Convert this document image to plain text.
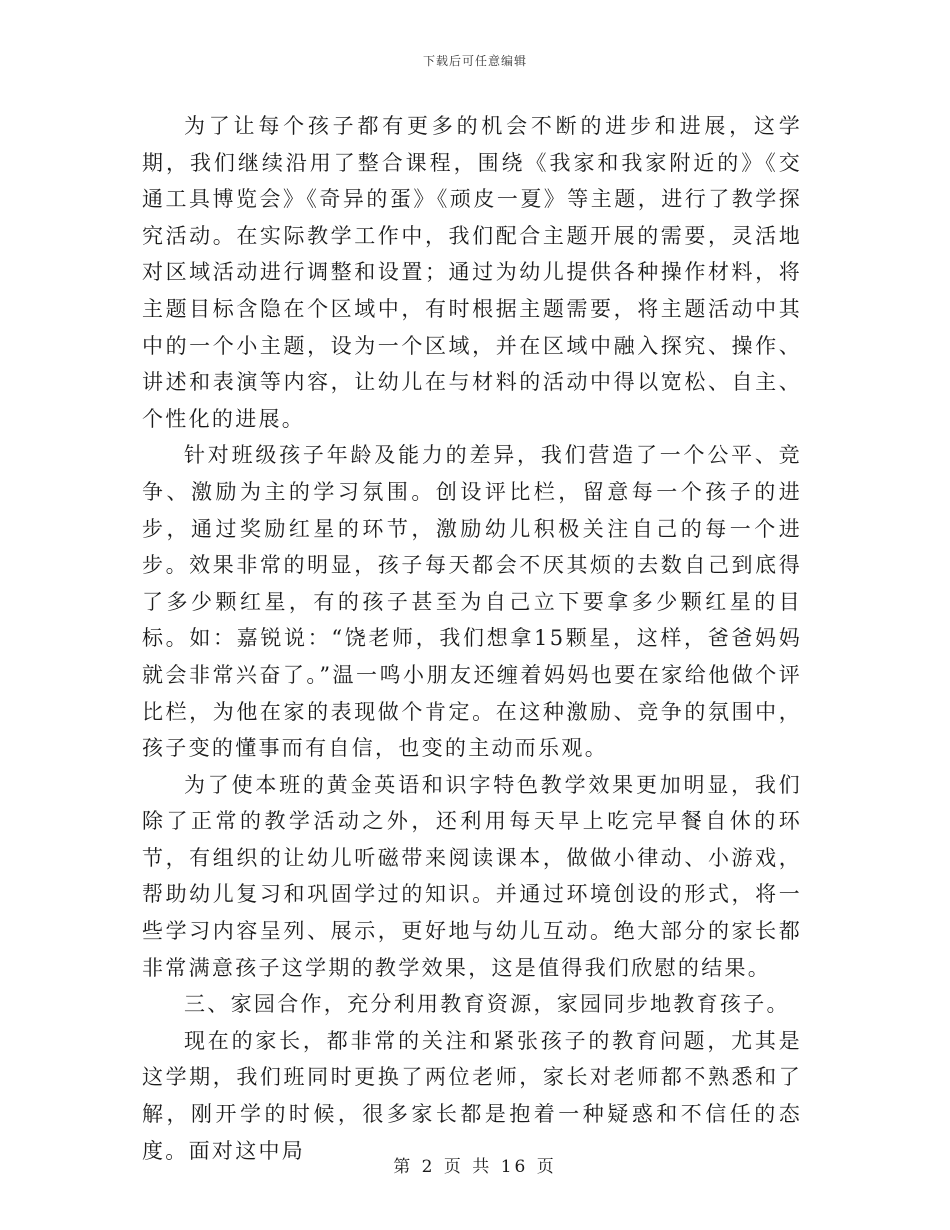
下载后可任意编辑

为了让每个孩子都有更多的机会不断的进步和进展，这学期，我们继续沿用了整合课程，围绕《我家和我家附近的》《交通工具博览会》《奇异的蛋》《顽皮一夏》等主题，进行了教学探究活动。在实际教学工作中，我们配合主题开展的需要，灵活地对区域活动进行调整和设置；通过为幼儿提供各种操作材料，将主题目标含隐在个区域中，有时根据主题需要，将主题活动中其中的一个小主题，设为一个区域，并在区域中融入探究、操作、讲述和表演等内容，让幼儿在与材料的活动中得以宽松、自主、个性化的进展。

针对班级孩子年龄及能力的差异，我们营造了一个公平、竞争、激励为主的学习氛围。创设评比栏，留意每一个孩子的进步，通过奖励红星的环节，激励幼儿积极关注自己的每一个进步。效果非常的明显，孩子每天都会不厌其烦的去数自己到底得了多少颗红星，有的孩子甚至为自己立下要拿多少颗红星的目标。如：嘉锐说：“饶老师，我们想拿15颗星，这样，爸爸妈妈就会非常兴奋了。”温一鸣小朋友还缠着妈妈也要在家给他做个评比栏，为他在家的表现做个肯定。在这种激励、竞争的氛围中，孩子变的懂事而有自信，也变的主动而乐观。

为了使本班的黄金英语和识字特色教学效果更加明显，我们除了正常的教学活动之外，还利用每天早上吃完早餐自休的环节，有组织的让幼儿听磁带来阅读课本，做做小律动、小游戏，帮助幼儿复习和巩固学过的知识。并通过环境创设的形式，将一些学习内容呈列、展示，更好地与幼儿互动。绝大部分的家长都非常满意孩子这学期的教学效果，这是值得我们欣慰的结果。

三、家园合作，充分利用教育资源，家园同步地教育孩子。

现在的家长，都非常的关注和紧张孩子的教育问题，尤其是这学期，我们班同时更换了两位老师，家长对老师都不熟悉和了解，刚开学的时候，很多家长都是抱着一种疑惑和不信任的态度。面对这中局

第 2 页 共 16 页
